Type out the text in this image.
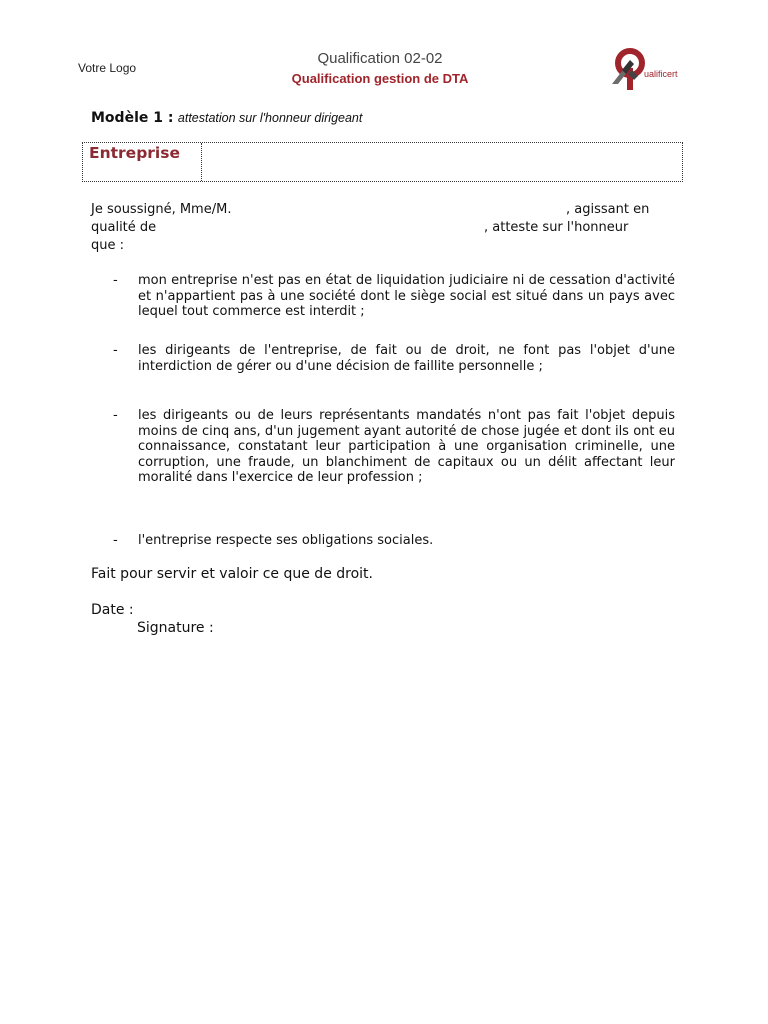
Votre Logo
Qualification 02-02
Qualification gestion de DTA	ualificert
Modèle 1 : attestation sur l'honneur dirigeant
Entreprise
Je soussigné, Mme/M.	, agissant en
qualité de	, atteste sur l'honneur
que :
- mon entreprise n'est pas en état de liquidation judiciaire ni de cessation d'activité et n'appartient pas à une société dont le siège social est situé dans un pays avec lequel tout commerce est interdit ;
- les dirigeants de l'entreprise, de fait ou de droit, ne font pas l'objet d'une interdiction de gérer ou d'une décision de faillite personnelle ;
- les dirigeants ou de leurs représentants mandatés n'ont pas fait l'objet depuis moins de cinq ans, d'un jugement ayant autorité de chose jugée et dont ils ont eu connaissance, constatant leur participation à une organisation criminelle, une corruption, une fraude, un blanchiment de capitaux ou un délit affectant leur moralité dans l'exercice de leur profession ;
- l'entreprise respecte ses obligations sociales.
Fait pour servir et valoir ce que de droit.
Date :
Signature :
